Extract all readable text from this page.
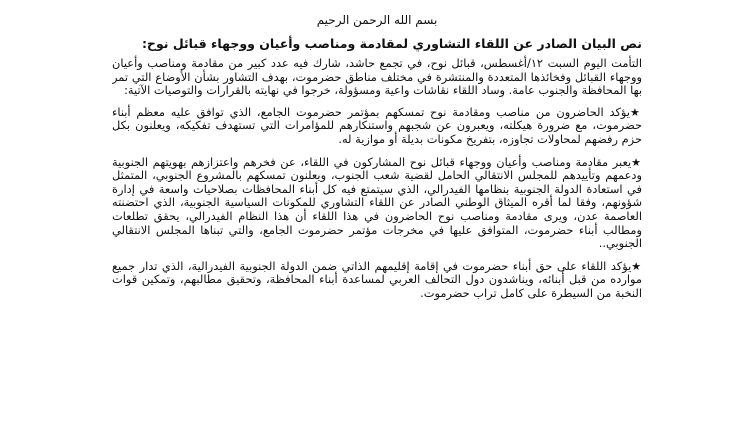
بسم الله الرحمن الرحيم
نص البيان الصادر عن اللقاء التشاوري لمقادمة ومناصب وأعيان ووجهاء قبائل نوح:
التأمت اليوم السبت ١٢/أغسطس، قبائل نوح، في تجمع حاشد، شارك فيه عدد كبير من مقادمة ومناصب وأعيان ووجهاء القبائل وفخائذها المتعددة والمنتشرة في مختلف مناطق حضرموت، بهدف التشاور بشأن الأوضاع التي تمر بها المحافظة والجنوب عامة. وساد اللقاء نقاشات واعية ومسؤولة، خرجوا في نهايته بالقرارات والتوصيات الآتية:
★يؤكد الحاضرون من مناصب ومقادمة نوح تمسكهم بمؤتمر حضرموت الجامع، الذي توافق عليه معظم أبناء حضرموت، مع ضرورة هيكلته، ويعبرون عن شجبهم واستنكارهم للمؤامرات التي تستهدف تفكيكه، ويعلنون بكل حزم رفضهم لمحاولات تجاوزه، بتفريخ مكونات بديلة أو موازية له.
★يعبر مقادمة ومناصب وأعيان ووجهاء قبائل نوح المشاركون في اللقاء، عن فخرهم واعتزازهم بهويتهم الجنوبية ودعمهم وتأييدهم للمجلس الانتقالي الحامل لقضية شعب الجنوب، ويعلنون تمسكهم بالمشروع الجنوبي، المتمثل في استعادة الدولة الجنوبية بنظامها الفيدرالي، الذي سيتمتع فيه كل أبناء المحافظات بصلاحيات واسعة في إدارة شؤونهم، وفقا لما أقره الميثاق الوطني الصادر عن اللقاء التشاوري للمكونات السياسية الجنوبية، الذي احتضنته العاصمة عدن، ويرى مقادمة ومناصب نوح الحاضرون في هذا اللقاء أن هذا النظام الفيدرالي، يحقق تطلعات ومطالب أبناء حضرموت، المتوافق عليها في مخرجات مؤتمر حضرموت الجامع، والتي تبناها المجلس الانتقالي الجنوبي..
★يؤكد اللقاء على حق أبناء حضرموت في إقامة إقليمهم الذاتي ضمن الدولة الجنوبية الفيدرالية، الذي تدار جميع موارده من قبل أبنائه، ويناشدون دول التحالف العربي لمساعدة أبناء المحافظة، وتحقيق مطالبهم، وتمكين قوات النخبة من السيطرة على كامل تراب حضرموت.
